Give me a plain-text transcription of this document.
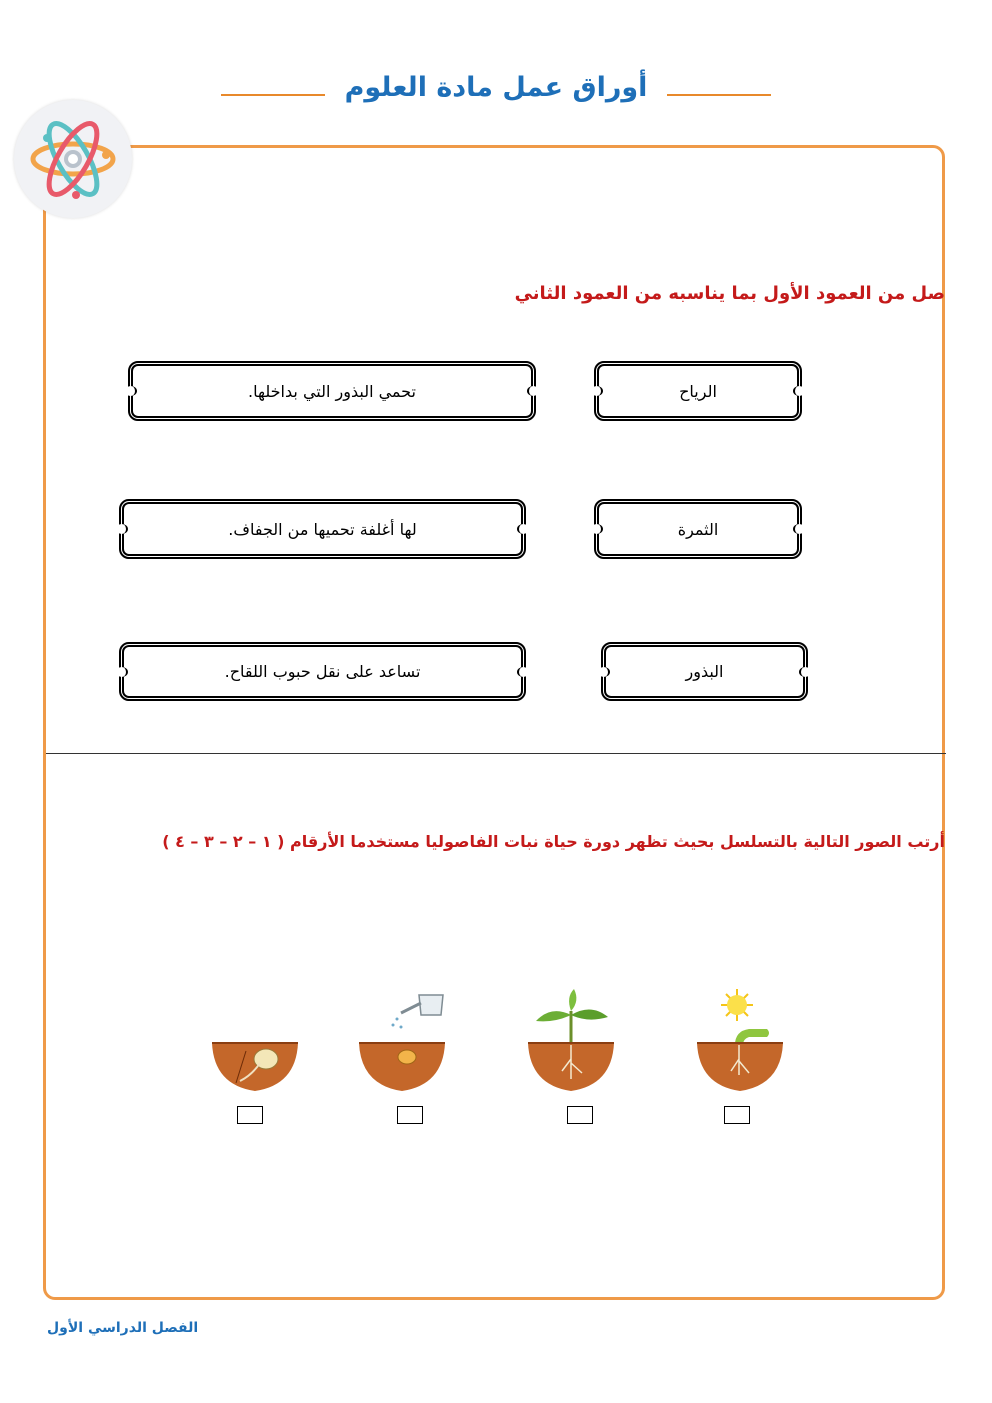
أوراق عمل مادة العلوم
صل من العمود الأول بما يناسبه من العمود الثاني
الرياح
الثمرة
البذور
تحمي البذور التي بداخلها.
لها أغلفة تحميها من الجفاف.
تساعد على نقل حبوب اللقاح.
أرتب الصور التالية بالتسلسل بحيث تظهر دورة حياة نبات الفاصوليا مستخدما الأرقام ( ١ – ٢ – ٣ – ٤ )
الفصل الدراسي الأول
